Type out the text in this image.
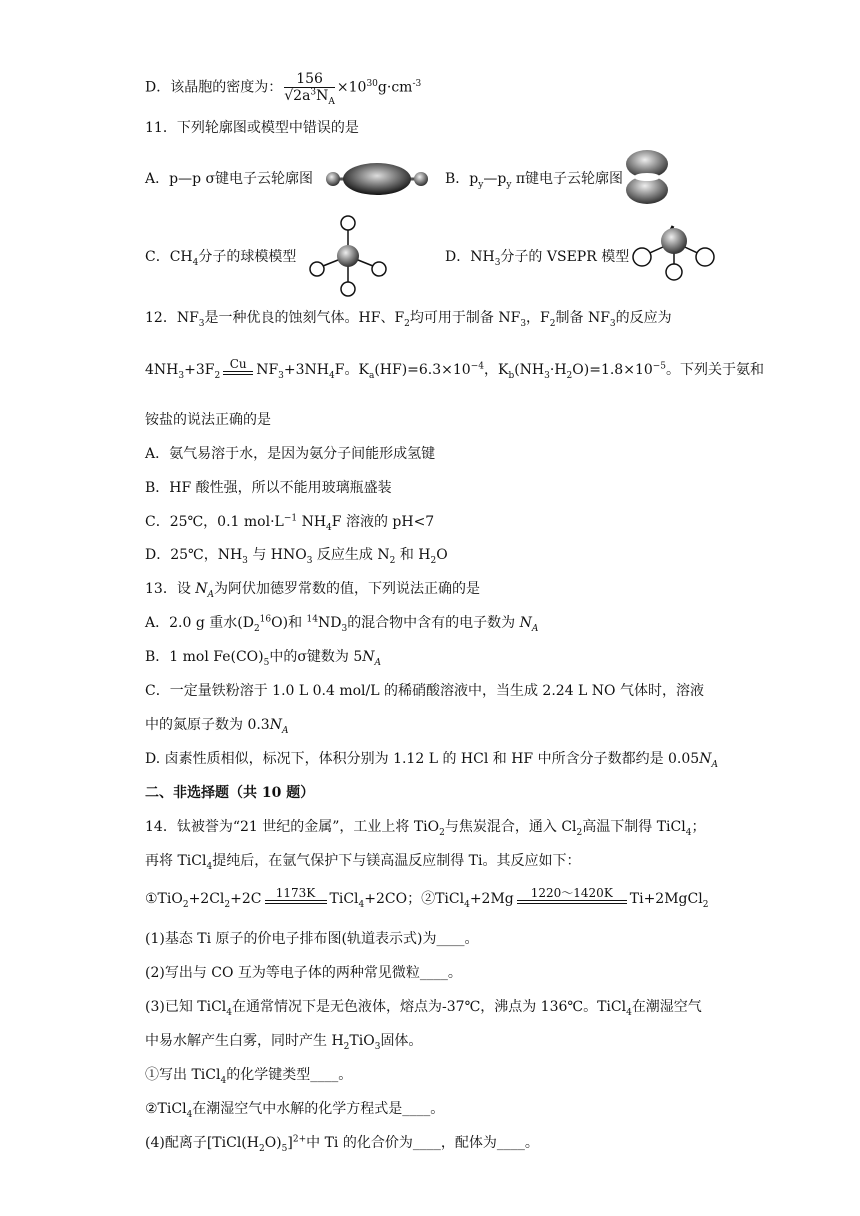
D．该晶胞的密度为： $\frac{156}{√2a^3N_A} \times 10^{30}g\cdot cm^{-3}$
11．下列轮廓图或模型中错误的是
A．p—p σ键电子云轮廓图	B．$p_y—p_y$ π键电子云轮廓图
C．$CH_4$分子的球模模型	D．$NH_3$分子的 VSEPR 模型
12．$NF_3$是一种优良的蚀刻气体。HF、$F_2$均可用于制备 $NF_3$，$F_2$制备 $NF_3$的反应为
$4NH_3+3F_2$
Cu $NF_3+3NH_4F$。$K_a(HF)=6.3\times 10^{-4}$，$K_b(NH_3\cdot H_2O)=1.8\times 10^{-5}$。下列关于氨和
铵盐的说法正确的是
A．氨气易溶于水，是因为氨分子间能形成氢键
B．HF 酸性强，所以不能用玻璃瓶盛装
C．25℃，0.1 $mol\cdot L^{-1}$ $NH_4F$ 溶液的 pH<7
D．25℃，$NH_3$ 与 $HNO_3$ 反应生成 $N_2$ 和 $H_2O$
13．设 $N_A$为阿伏加德罗常数的值，下列说法正确的是
A．2.0 g 重水$(D_2^{16}O)$和 $^{14}ND_3$的混合物中含有的电子数为 $N_A$
B．1 mol $Fe(CO)_5$中的σ键数为 $5N_A$
C．一定量铁粉溶于 1.0 L 0.4 mol/L 的稀硝酸溶液中，当生成 2.24 L NO 气体时，溶液
中的氮原子数为 $0.3N_A$
D. 卤素性质相似，标况下，体积分别为 1.12 L 的 HCl 和 HF 中所含分子数都约是 $0.05N_A$
二、非选择题（共 10 题）
14．钛被誉为“21 世纪的金属”，工业上将 TiO$_2$与焦炭混合，通入 $Cl_2$高温下制得 TiCl$_4$；
再将 TiCl$_4$提纯后，在氩气保护下与镁高温反应制得 Ti。其反应如下：
$①TiO_2+2Cl_2+2C$	1173K	TiCl$_4$+2CO；②TiCl$_4$+2Mg	1220～1420K	Ti+2MgCl$_2$
(1)基态 Ti 原子的价电子排布图(轨道表示式)为____。
(2)写出与 CO 互为等电子体的两种常见微粒____。
(3)已知 TiCl$_4$在通常情况下是无色液体，熔点为-37℃，沸点为 136℃。TiCl$_4$在潮湿空气
中易水解产生白雾，同时产生 $H_2TiO_3$固体。
①写出 TiCl$_4$的化学键类型____。
②TiCl$_4$在潮湿空气中水解的化学方程式是____。
(4)配离子$[TiCl(H_2O)_5]^{2+}$中 Ti 的化合价为____，配体为____。
